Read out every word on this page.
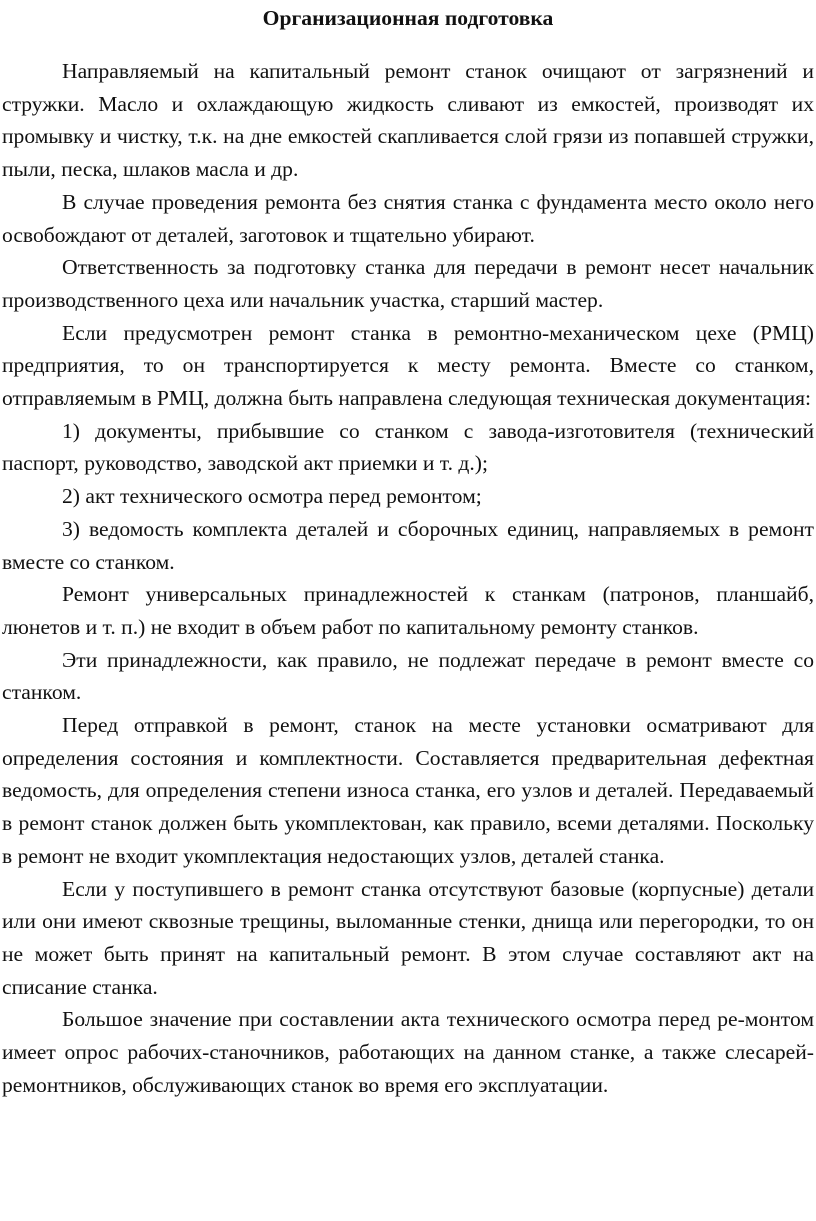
Организационная подготовка

Направляемый на капитальный ремонт станок очищают от загрязнений и стружки. Масло и охлаждающую жидкость сливают из емкостей, производят их промывку и чистку, т.к. на дне емкостей скапливается слой грязи из попавшей стружки, пыли, песка, шлаков масла и др.

В случае проведения ремонта без снятия станка с фундамента место около него освобождают от деталей, заготовок и тщательно убирают.

Ответственность за подготовку станка для передачи в ремонт несет начальник производственного цеха или начальник участка, старший мастер.

Если предусмотрен ремонт станка в ремонтно-механическом цехе (РМЦ) предприятия, то он транспортируется к месту ремонта. Вместе со станком, отправляемым в РМЦ, должна быть направлена следующая техническая документация:

1) документы, прибывшие со станком с завода-изготовителя (технический паспорт, руководство, заводской акт приемки и т. д.);

2) акт технического осмотра перед ремонтом;

3) ведомость комплекта деталей и сборочных единиц, направляемых в ремонт вместе со станком.

Ремонт универсальных принадлежностей к станкам (патронов, планшайб, люнетов и т. п.) не входит в объем работ по капитальному ремонту станков.

Эти принадлежности, как правило, не подлежат передаче в ремонт вместе со станком.

Перед отправкой в ремонт, станок на месте установки осматривают для определения состояния и комплектности. Составляется предварительная дефектная ведомость, для определения степени износа станка, его узлов и деталей. Передаваемый в ремонт станок должен быть укомплектован, как правило, всеми деталями. Поскольку в ремонт не входит укомплектация недостающих узлов, деталей станка.

Если у поступившего в ремонт станка отсутствуют базовые (корпусные) детали или они имеют сквозные трещины, выломанные стенки, днища или перегородки, то он не может быть принят на капитальный ремонт. В этом случае составляют акт на списание станка.

Большое значение при составлении акта технического осмотра перед ре-монтом имеет опрос рабочих-станочников, работающих на данном станке, а также слесарей-ремонтников, обслуживающих станок во время его эксплуатации.
